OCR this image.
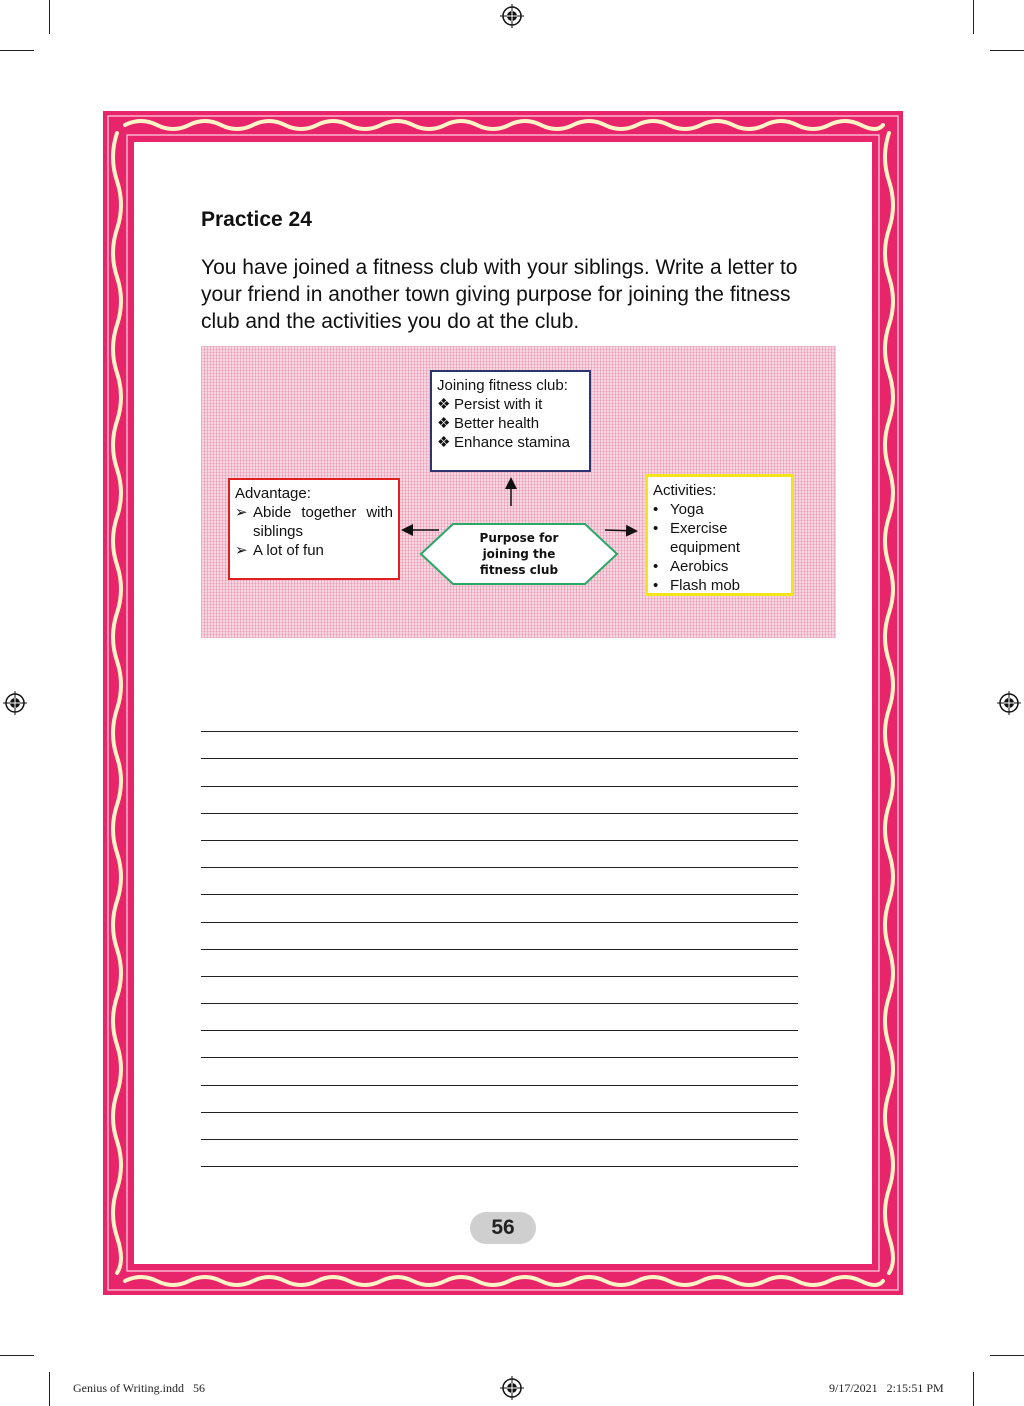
Practice 24
You have joined a fitness club with your siblings. Write a letter to your friend in another town giving purpose for joining the fitness club and the activities you do at the club.
Joining fitness club:
❖ Persist with it
❖ Better health
❖ Enhance stamina
Advantage:
➢ Abide together with
siblings
➢ A lot of fun
Purpose for
joining the
fitness club
Activities:
• Yoga
• Exercise
equipment
• Aerobics
• Flash mob
56
Genius of Writing.indd   56	9/17/2021   2:15:51 PM
